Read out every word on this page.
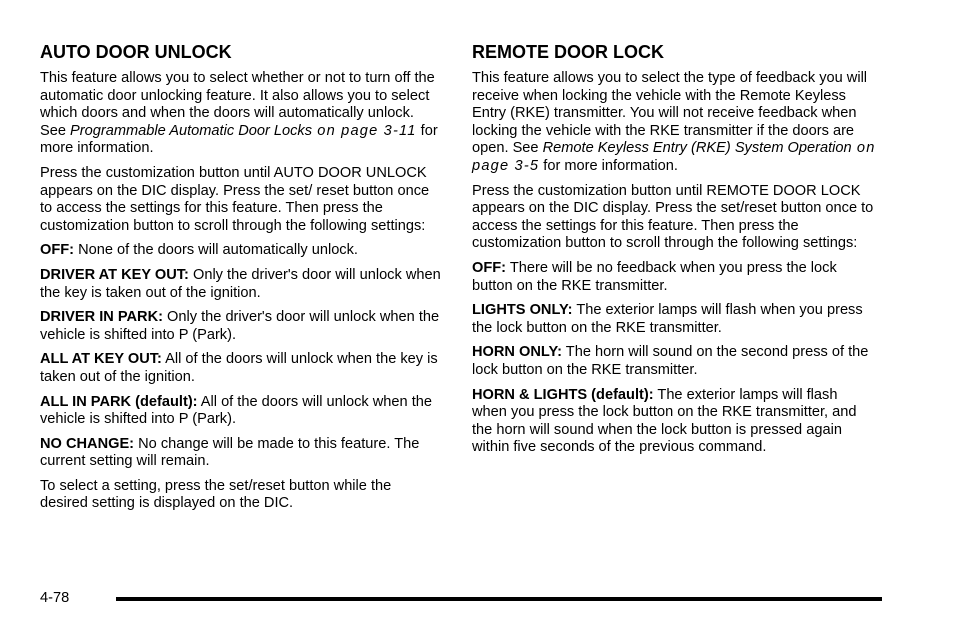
AUTO DOOR UNLOCK

This feature allows you to select whether or not to turn off the automatic door unlocking feature. It also allows you to select which doors and when the doors will automatically unlock. See Programmable Automatic Door Locks on page 3-11 for more information.

Press the customization button until AUTO DOOR UNLOCK appears on the DIC display. Press the set/ reset button once to access the settings for this feature. Then press the customization button to scroll through the following settings:

OFF: None of the doors will automatically unlock.

DRIVER AT KEY OUT: Only the driver's door will unlock when the key is taken out of the ignition.

DRIVER IN PARK: Only the driver's door will unlock when the vehicle is shifted into P (Park).

ALL AT KEY OUT: All of the doors will unlock when the key is taken out of the ignition.

ALL IN PARK (default): All of the doors will unlock when the vehicle is shifted into P (Park).

NO CHANGE: No change will be made to this feature. The current setting will remain.

To select a setting, press the set/reset button while the desired setting is displayed on the DIC.

REMOTE DOOR LOCK

This feature allows you to select the type of feedback you will receive when locking the vehicle with the Remote Keyless Entry (RKE) transmitter. You will not receive feedback when locking the vehicle with the RKE transmitter if the doors are open. See Remote Keyless Entry (RKE) System Operation on page 3-5 for more information.

Press the customization button until REMOTE DOOR LOCK appears on the DIC display. Press the set/reset button once to access the settings for this feature. Then press the customization button to scroll through the following settings:

OFF: There will be no feedback when you press the lock button on the RKE transmitter.

LIGHTS ONLY: The exterior lamps will flash when you press the lock button on the RKE transmitter.

HORN ONLY: The horn will sound on the second press of the lock button on the RKE transmitter.

HORN & LIGHTS (default): The exterior lamps will flash when you press the lock button on the RKE transmitter, and the horn will sound when the lock button is pressed again within five seconds of the previous command.

4-78
